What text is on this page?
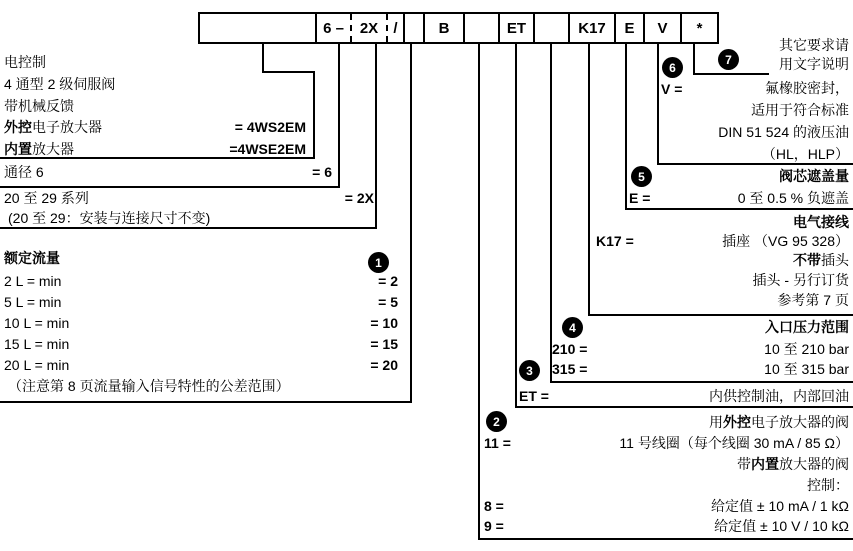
6 –	2X	/	B	ET	K17	E	V	*
电控制
4 通型 2 级伺服阀
带机械反馈
外控电子放大器	= 4WS2EM
内置放大器	=4WSE2EM
通径 6	= 6
20 至 29 系列	= 2X
(20 至 29：安装与连接尺寸不变)
额定流量	1
2 L = min	= 2
5 L = min	= 5
10 L = min	= 10
15 L = min	= 15
20 L = min	= 20
（注意第 8 页流量输入信号特性的公差范围）
7
其它要求请
用文字说明
6
V =	氟橡胶密封，
适用于符合标准
DIN 51 524 的液压油
（HL，HLP）
5	阀芯遮盖量
E =	0 至 0.5 % 负遮盖
电气接线
K17 =	插座 （VG 95 328）
不带插头
插头 - 另行订货
参考第 7 页
4	入口压力范围
210 =	10 至 210 bar
315 =	10 至 315 bar
3
ET =	内供控制油，内部回油
2	用外控电子放大器的阀
11 =	11 号线圈（每个线圈 30 mA / 85 Ω）
带内置放大器的阀
控制：
8 =	给定值 ± 10 mA / 1 kΩ
9 =	给定值 ± 10 V / 10 kΩ
